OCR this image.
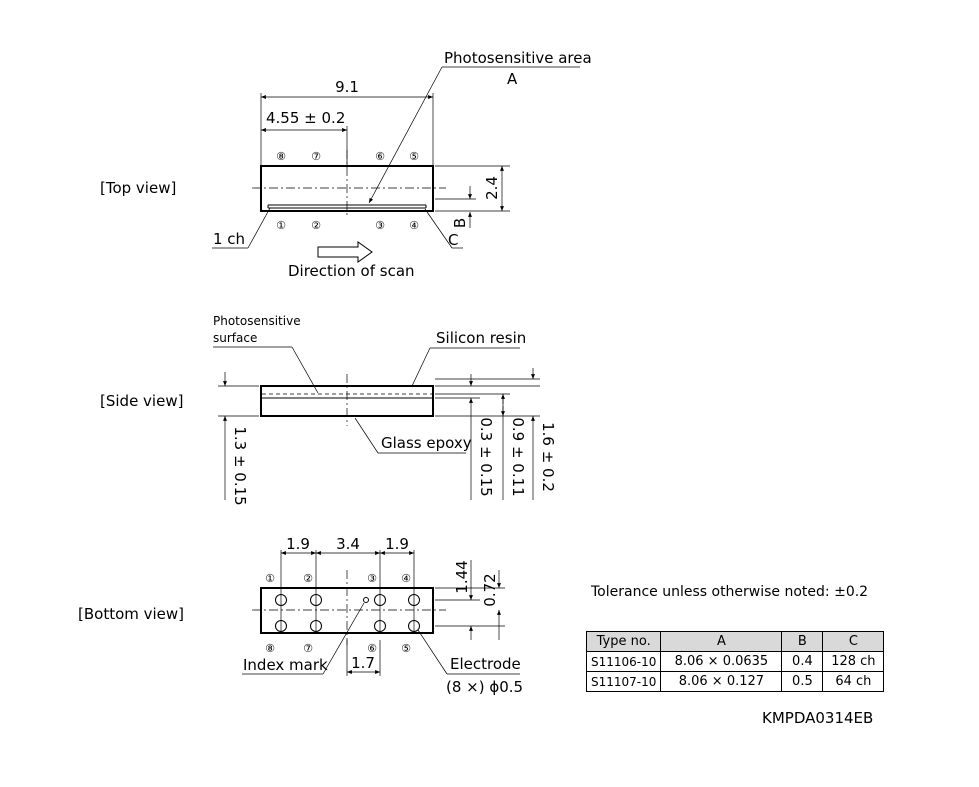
[Top view]
9.1
4.55 ± 0.2
Photosensitive area
A
2.4
B
C
1 ch
⑧ ⑦	⑥ ⑤
① ②	③ ④
Direction of scan
[Side view]
Photosensitive
surface	Silicon resin
Glass epoxy
1.3 ± 0.15	0.3 ± 0.15 0.9 ± 0.11 1.6 ± 0.2
[Bottom view]
1.9 3.4 1.9
①	②	③ ④
⑧	⑦	⑥ ⑤
1.7
Index mark	Electrode
(8 ×) ϕ0.5
1.44 0.72	Tolerance unless otherwise noted: ±0.2
Type no.	A	B	C
S11106-10	8.06 × 0.0635	0.4	128 ch
S11107-10	8.06 × 0.127	0.5	64 ch
KMPDA0314EB
